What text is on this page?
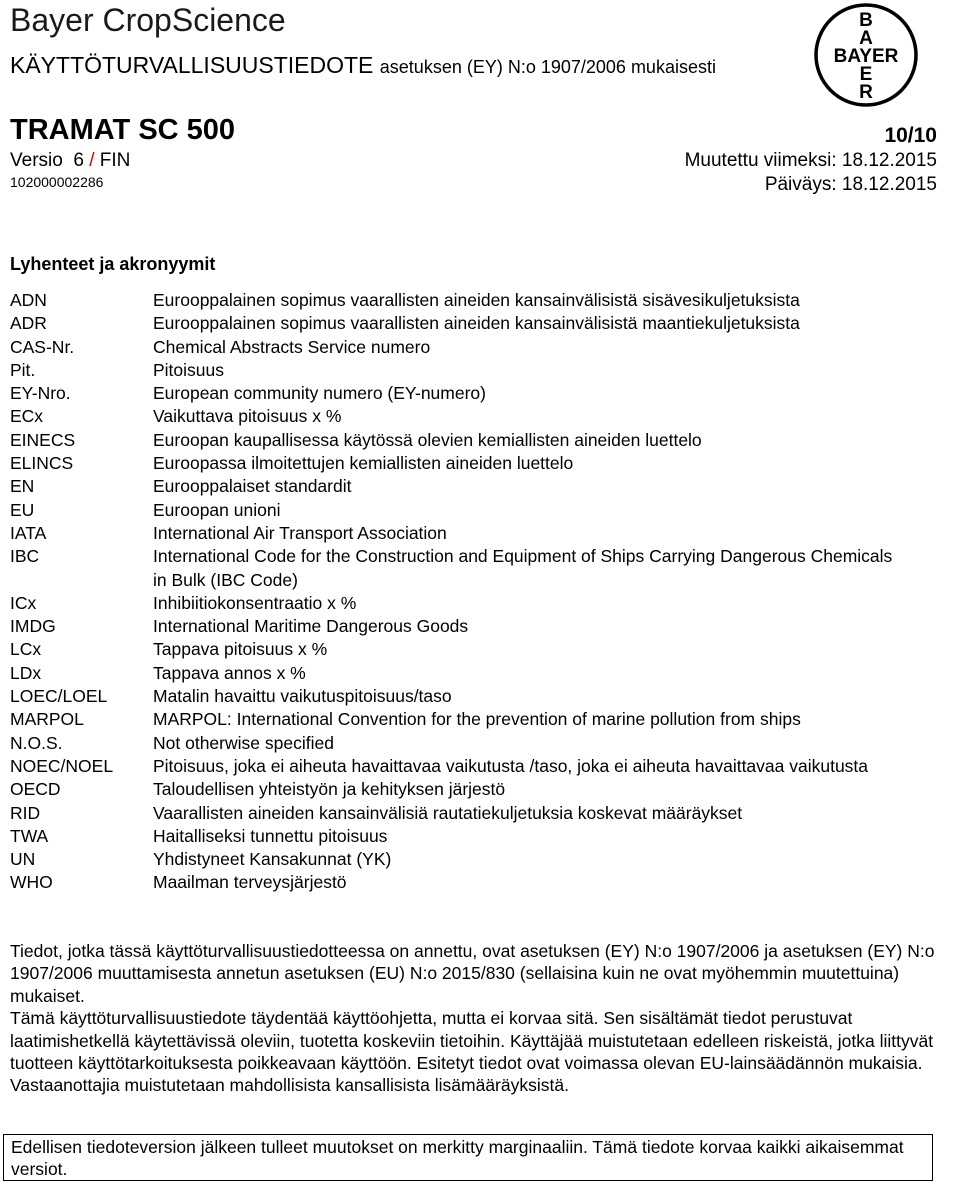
Bayer CropScience
KÄYTTÖTURVALLISUUSTIEDOTE asetuksen (EY) N:o 1907/2006 mukaisesti
B
A
BAYER
E
R
TRAMAT SC 500	10/10
Versio  6 / FIN	Muutettu viimeksi: 18.12.2015
102000002286	Päiväys: 18.12.2015
Lyhenteet ja akronyymit
ADN	Eurooppalainen sopimus vaarallisten aineiden kansainvälisistä sisävesikuljetuksista
ADR	Eurooppalainen sopimus vaarallisten aineiden kansainvälisistä maantiekuljetuksista
CAS-Nr.	Chemical Abstracts Service numero
Pit.	Pitoisuus
EY-Nro.	European community numero (EY-numero)
ECx	Vaikuttava pitoisuus x %
EINECS	Euroopan kaupallisessa käytössä olevien kemiallisten aineiden luettelo
ELINCS	Euroopassa ilmoitettujen kemiallisten aineiden luettelo
EN	Eurooppalaiset standardit
EU	Euroopan unioni
IATA	International Air Transport Association
IBC	International Code for the Construction and Equipment of Ships Carrying Dangerous Chemicals in Bulk (IBC Code)
ICx	Inhibiitiokonsentraatio x %
IMDG	International Maritime Dangerous Goods
LCx	Tappava pitoisuus x %
LDx	Tappava annos x %
LOEC/LOEL	Matalin havaittu vaikutuspitoisuus/taso
MARPOL	MARPOL: International Convention for the prevention of marine pollution from ships
N.O.S.	Not otherwise specified
NOEC/NOEL	Pitoisuus, joka ei aiheuta havaittavaa vaikutusta /taso, joka ei aiheuta havaittavaa vaikutusta
OECD	Taloudellisen yhteistyön ja kehityksen järjestö
RID	Vaarallisten aineiden kansainvälisiä rautatiekuljetuksia koskevat määräykset
TWA	Haitalliseksi tunnettu pitoisuus
UN	Yhdistyneet Kansakunnat (YK)
WHO	Maailman terveysjärjestö

Tiedot, jotka tässä käyttöturvallisuustiedotteessa on annettu, ovat asetuksen (EY) N:o 1907/2006 ja asetuksen (EY) N:o 1907/2006 muuttamisesta annetun asetuksen (EU) N:o 2015/830 (sellaisina kuin ne ovat myöhemmin muutettuina) mukaiset.

Tämä käyttöturvallisuustiedote täydentää käyttöohjetta, mutta ei korvaa sitä. Sen sisältämät tiedot perustuvat laatimishetkellä käytettävissä oleviin, tuotetta koskeviin tietoihin. Käyttäjää muistutetaan edelleen riskeistä, jotka liittyvät tuotteen käyttötarkoituksesta poikkeavaan käyttöön. Esitetyt tiedot ovat voimassa olevan EU-lainsäädännön mukaisia. Vastaanottajia muistutetaan mahdollisista kansallisista lisämääräyksistä.

Edellisen tiedoteversion jälkeen tulleet muutokset on merkitty marginaaliin. Tämä tiedote korvaa kaikki aikaisemmat versiot.
